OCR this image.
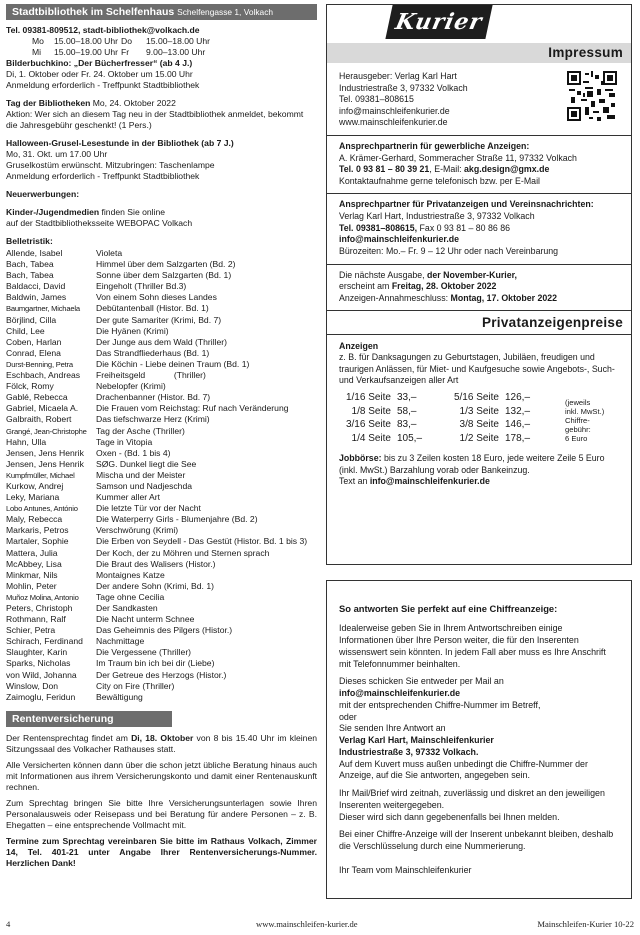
Stadtbibliothek im Schelfenhaus Schelfengasse 1, Volkach
Tel. 09381-809512, stadt-bibliothek@volkach.de
Mo	15.00–18.00 Uhr Do	15.00–18.00 Uhr
Mi	15.00–19.00 Uhr Fr	9.00–13.00 Uhr
Bilderbuchkino: „Der Bücherfresser“ (ab 4 J.)
Di, 1. Oktober oder Fr. 24. Oktober um 15.00 Uhr
Anmeldung erforderlich - Treffpunkt Stadtbibliothek
Tag der Bibliotheken Mo, 24. Oktober 2022
Aktion: Wer sich an diesem Tag neu in der Stadtbibliothek anmeldet, bekommt die Jahresgebühr geschenkt! (1 Pers.)
Halloween-Grusel-Lesestunde in der Bibliothek (ab 7 J.)
Mo, 31. Okt. um 17.00 Uhr
Gruselkostüm erwünscht. Mitzubringen: Taschenlampe
Anmeldung erforderlich - Treffpunkt Stadtbibliothek
Neuerwerbungen:
Kinder-/Jugendmedien finden Sie online
auf der Stadtbibliotheksseite WEBOPAC Volkach
Belletristik:
Allende, Isabel	Violeta
Bach, Tabea	Himmel über dem Salzgarten (Bd. 2)
Bach, Tabea	Sonne über dem Salzgarten (Bd. 1)
Baldacci, David	Eingeholt (Thriller Bd.3)
Baldwin, James	Von einem Sohn dieses Landes
Baumgartner, Michaela	Debütantenball (Histor. Bd. 1)
Börjlind, Cilla	Der gute Samariter (Krimi, Bd. 7)
Child, Lee	Die Hyänen (Krimi)
Coben, Harlan	Der Junge aus dem Wald (Thriller)
Conrad, Elena	Das Strandfliederhaus (Bd. 1)
Durst-Benning, Petra	Die Köchin - Liebe deinen Traum (Bd. 1)
Eschbach, Andreas	Freiheitsgeld            (Thriller)
Fölck, Romy	Nebelopfer (Krimi)
Gablé, Rebecca	Drachenbanner (Histor. Bd. 7)
Gabriel, Micaela A.	Die Frauen vom Reichstag: Ruf nach Veränderung
Galbraith, Robert	Das tiefschwarze Herz (Krimi)
Grangé, Jean-Christophe	Tag der Asche (Thriller)
Hahn, Ulla	Tage in Vitopia
Jensen, Jens Henrik	Oxen - (Bd. 1 bis 4)
Jensen, Jens Henrik	SØG. Dunkel liegt die See
Kumpfmüller, Michael	Mischa und der Meister
Kurkow, Andrej	Samson und Nadjeschda
Leky, Mariana	Kummer aller Art
Lobo Antunes, António	Die letzte Tür vor der Nacht
Maly, Rebecca	Die Waterperry Girls - Blumenjahre (Bd. 2)
Markaris, Petros	Verschwörung (Krimi)
Martaler, Sophie	Die Erben von Seydell - Das Gestüt (Histor. Bd. 1 bis 3)
Mattera, Julia	Der Koch, der zu Möhren und Sternen sprach
McAbbey, Lisa	Die Braut des Walisers (Histor.)
Minkmar, Nils	Montaignes Katze
Mohlin, Peter	Der andere Sohn (Krimi, Bd. 1)
Muñoz Molina, Antonio	Tage ohne Cecilia
Peters, Christoph	Der Sandkasten
Rothmann, Ralf	Die Nacht unterm Schnee
Schier, Petra	Das Geheimnis des Pilgers (Histor.)
Schirach, Ferdinand	Nachmittage
Slaughter, Karin	Die Vergessene (Thriller)
Sparks, Nicholas	Im Traum bin ich bei dir (Liebe)
von Wild, Johanna	Der Getreue des Herzogs (Histor.)
Winslow, Don	City on Fire (Thriller)
Zaimoglu, Feridun	Bewältigung
Rentenversicherung
Der Rentensprechtag findet am Di, 18. Oktober von 8 bis 15.40 Uhr im kleinen Sitzungssaal des Volkacher Rathauses statt.
Alle Versicherten können dann über die schon jetzt übliche Beratung hinaus auch mit Informationen aus ihrem Versicherungskonto und damit einer Rentenauskunft rechnen.
Zum Sprechtag bringen Sie bitte Ihre Versicherungsunterlagen sowie Ihren Personalausweis oder Reisepass und bei Beratung für andere Personen – z. B. Ehegatten – eine entsprechende Vollmacht mit.
Termine zum Sprechtag vereinbaren Sie bitte im Rathaus Volkach, Zimmer 14, Tel. 401-21 unter Angabe Ihrer Rentenversicherungs-Nummer. Herzlichen Dank!
Kurier
Impressum
Herausgeber: Verlag Karl Hart
Industriestraße 3, 97332 Volkach
Tel. 09381–808615
info@mainschleifenkurier.de
www.mainschleifenkurier.de
Ansprechpartnerin für gewerbliche Anzeigen:
A. Krämer-Gerhard, Sommeracher Straße 11, 97332 Volkach
Tel. 0 93 81 – 80 39 21, E-Mail: akg.design@gmx.de
Kontaktaufnahme gerne telefonisch bzw. per E-Mail
Ansprechpartner für Privatanzeigen und Vereinsnachrichten:
Verlag Karl Hart, Industriestraße 3, 97332 Volkach
Tel. 09381–808615, Fax 0 93 81 – 80 86 86
info@mainschleifenkurier.de
Bürozeiten: Mo.– Fr. 9 – 12 Uhr oder nach Vereinbarung
Die nächste Ausgabe, der November-Kurier,
erscheint am Freitag, 28. Oktober 2022
Anzeigen-Annahmeschluss: Montag, 17. Oktober 2022
Privatanzeigenpreise
Anzeigen
z. B. für Danksagungen zu Geburtstagen, Jubiläen, freudigen und traurigen Anlässen, für Miet- und Kaufgesuche sowie Angebots-, Such- und Verkaufsanzeigen aller Art
1/16 Seite 33,–	5/16 Seite 126,–
1/8 Seite 58,–	1/3 Seite 132,–
3/16 Seite 83,–	3/8 Seite 146,–
1/4 Seite 105,–	1/2 Seite 178,–
(jeweils
inkl. MwSt.)
Chiffre-
gebühr:
6 Euro
Jobbörse: bis zu 3 Zeilen kosten 18 Euro, jede weitere Zeile 5 Euro (inkl. MwSt.) Barzahlung vorab oder Bankeinzug.
Text an info@mainschleifenkurier.de
So antworten Sie perfekt auf eine Chiffreanzeige:
Idealerweise geben Sie in Ihrem Antwortschreiben einige Informationen über Ihre Person weiter, die für den Inserenten wissenswert sein könnten. In jedem Fall aber muss es Ihre Anschrift mit Telefonnummer beinhalten.
Dieses schicken Sie entweder per Mail an
info@mainschleifenkurier.de
mit der entsprechenden Chiffre-Nummer im Betreff,
oder
Sie senden Ihre Antwort an
Verlag Karl Hart, Mainschleifenkurier
Industriestraße 3, 97332 Volkach.
Auf dem Kuvert muss außen unbedingt die Chiffre-Nummer der Anzeige, auf die Sie antworten, angegeben sein.
Ihr Mail/Brief wird zeitnah, zuverlässig und diskret an den jeweiligen Inserenten weitergegeben.
Dieser wird sich dann gegebenenfalls bei Ihnen melden.
Bei einer Chiffre-Anzeige will der Inserent unbekannt bleiben, deshalb die Verschlüsselung durch eine Nummerierung.
Ihr Team vom Mainschleifenkurier
4	www.mainschleifen-kurier.de	Mainschleifen-Kurier 10-22
